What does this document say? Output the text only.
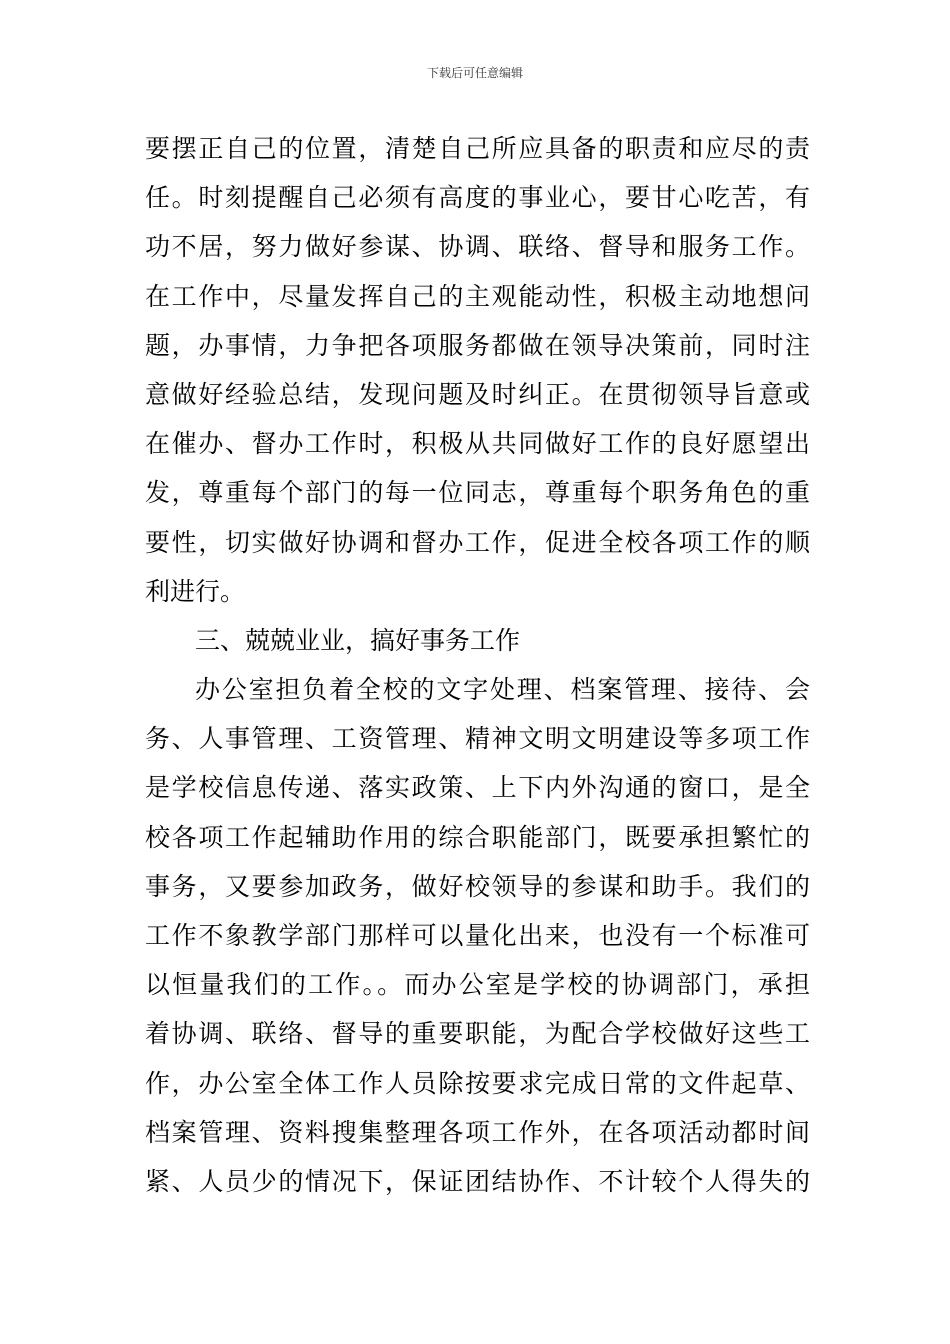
下载后可任意编辑
要摆正自己的位置，清楚自己所应具备的职责和应尽的责
任。时刻提醒自己必须有高度的事业心，要甘心吃苦，有
功不居，努力做好参谋、协调、联络、督导和服务工作。
在工作中，尽量发挥自己的主观能动性，积极主动地想问
题，办事情，力争把各项服务都做在领导决策前，同时注
意做好经验总结，发现问题及时纠正。在贯彻领导旨意或
在催办、督办工作时，积极从共同做好工作的良好愿望出
发，尊重每个部门的每一位同志，尊重每个职务角色的重
要性，切实做好协调和督办工作，促进全校各项工作的顺
利进行。
三、兢兢业业，搞好事务工作
办公室担负着全校的文字处理、档案管理、接待、会
务、人事管理、工资管理、精神文明文明建设等多项工作
是学校信息传递、落实政策、上下内外沟通的窗口，是全
校各项工作起辅助作用的综合职能部门，既要承担繁忙的
事务，又要参加政务，做好校领导的参谋和助手。我们的
工作不象教学部门那样可以量化出来，也没有一个标准可
以恒量我们的工作。。而办公室是学校的协调部门，承担
着协调、联络、督导的重要职能，为配合学校做好这些工
作，办公室全体工作人员除按要求完成日常的文件起草、
档案管理、资料搜集整理各项工作外，在各项活动都时间
紧、人员少的情况下，保证团结协作、不计较个人得失的
